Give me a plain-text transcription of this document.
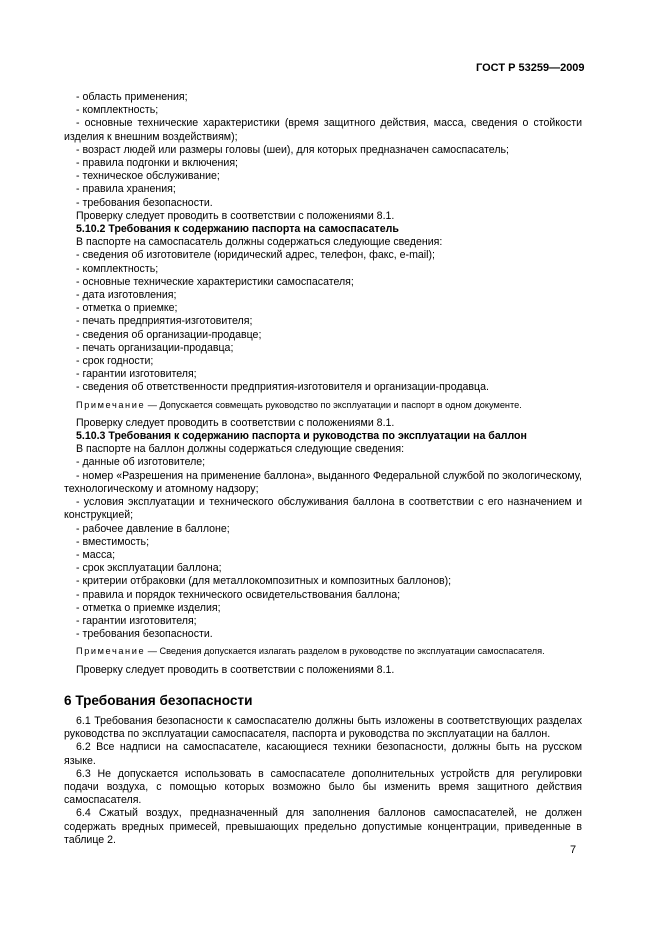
ГОСТ Р 53259—2009

- область применения;

- комплектность;

- основные технические характеристики (время защитного действия, масса, сведения о стойкости изделия к внешним воздействиям);

- возраст людей или размеры головы (шеи), для которых предназначен самоспасатель;

- правила подгонки и включения;

- техническое обслуживание;

- правила хранения;

- требования безопасности.

Проверку следует проводить в соответствии с положениями 8.1.

5.10.2 Требования к содержанию паспорта на самоспасатель

В паспорте на самоспасатель должны содержаться следующие сведения:

- сведения об изготовителе (юридический адрес, телефон, факс, e-mail);

- комплектность;

- основные технические характеристики самоспасателя;

- дата изготовления;

- отметка о приемке;

- печать предприятия-изготовителя;

- сведения об организации-продавце;

- печать организации-продавца;

- срок годности;

- гарантии изготовителя;

- сведения об ответственности предприятия-изготовителя и организации-продавца.

Примечание — Допускается совмещать руководство по эксплуатации и паспорт в одном документе.

Проверку следует проводить в соответствии с положениями 8.1.

5.10.3 Требования к содержанию паспорта и руководства по эксплуатации на баллон

В паспорте на баллон должны содержаться следующие сведения:

- данные об изготовителе;

- номер «Разрешения на применение баллона», выданного Федеральной службой по экологическому, технологическому и атомному надзору;

- условия эксплуатации и технического обслуживания баллона в соответствии с его назначением и конструкцией;

- рабочее давление в баллоне;

- вместимость;

- масса;

- срок эксплуатации баллона;

- критерии отбраковки (для металлокомпозитных и композитных баллонов);

- правила и порядок технического освидетельствования баллона;

- отметка о приемке изделия;

- гарантии изготовителя;

- требования безопасности.

Примечание — Сведения допускается излагать разделом в руководстве по эксплуатации самоспасателя.

Проверку следует проводить в соответствии с положениями 8.1.

6 Требования безопасности

6.1 Требования безопасности к самоспасателю должны быть изложены в соответствующих разделах руководства по эксплуатации самоспасателя, паспорта и руководства по эксплуатации на баллон.

6.2 Все надписи на самоспасателе, касающиеся техники безопасности, должны быть на русском языке.

6.3 Не допускается использовать в самоспасателе дополнительных устройств для регулировки подачи воздуха, с помощью которых возможно было бы изменить время защитного действия самоспасателя.

6.4 Сжатый воздух, предназначенный для заполнения баллонов самоспасателей, не должен содержать вредных примесей, превышающих предельно допустимые концентрации, приведенные в таблице 2.

7
